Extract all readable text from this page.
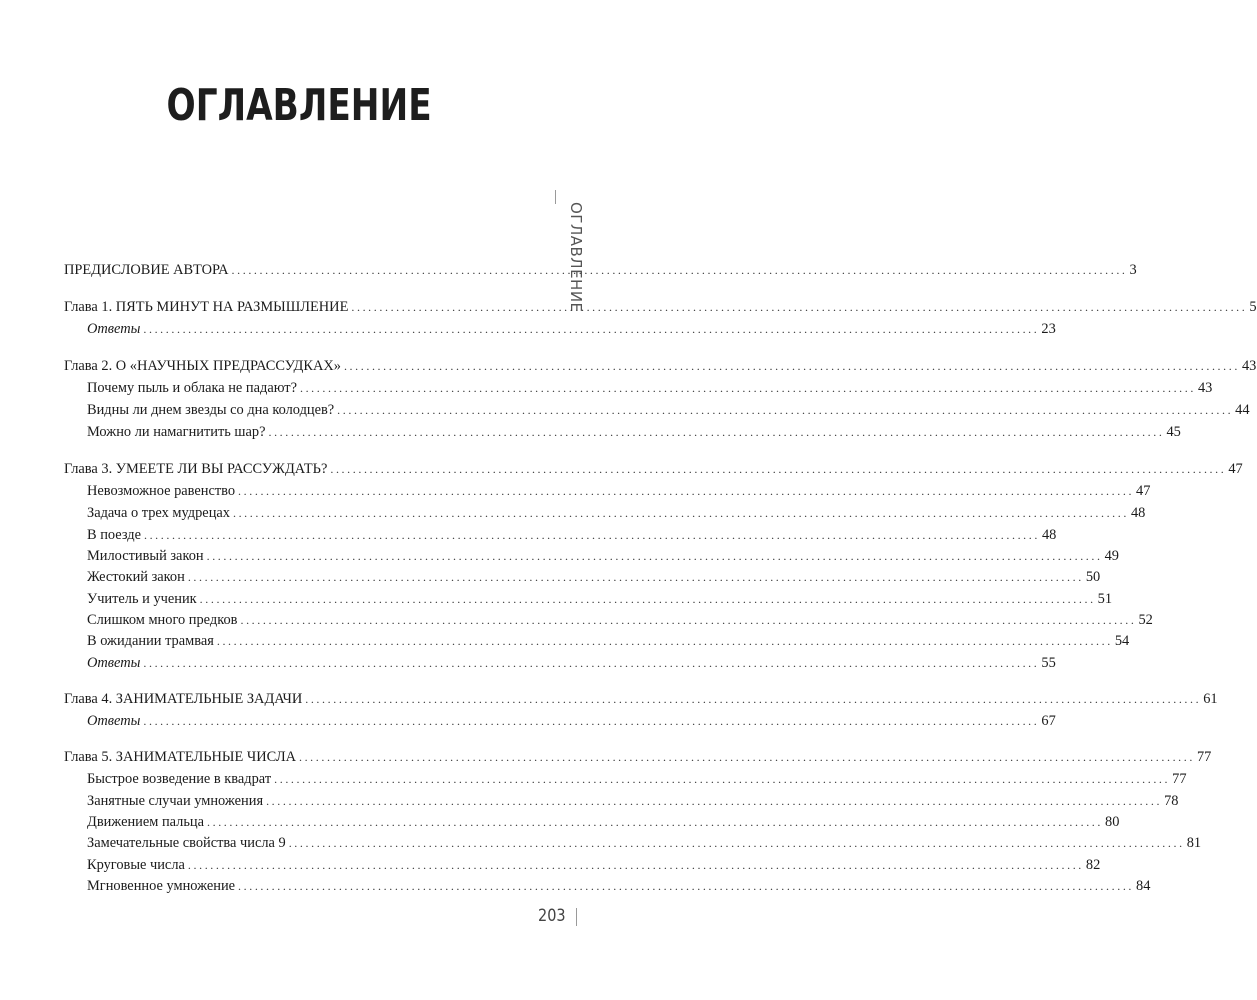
ОГЛАВЛЕНИЕ
ОГЛАВЛЕНИЕ
ПРЕДИСЛОВИЕ АВТОРА ................................................................................................................................................................ 3
Глава 1. ПЯТЬ МИНУТ НА РАЗМЫШЛЕНИЕ ................................................................................................................................................................ 5
Ответы ................................................................................................................................................................ 23
Глава 2. О «НАУЧНЫХ ПРЕДРАССУДКАХ» ................................................................................................................................................................ 43
Почему пыль и облака не падают? ................................................................................................................................................................ 43
Видны ли днем звезды со дна колодцев? ................................................................................................................................................................ 44
Можно ли намагнитить шар? ................................................................................................................................................................ 45
Глава 3. УМЕЕТЕ ЛИ ВЫ РАССУЖДАТЬ? ................................................................................................................................................................ 47
Невозможное равенство ................................................................................................................................................................ 47
Задача о трех мудрецах ................................................................................................................................................................ 48
В поезде ................................................................................................................................................................ 48
Милостивый закон ................................................................................................................................................................ 49
Жестокий закон ................................................................................................................................................................ 50
Учитель и ученик ................................................................................................................................................................ 51
Слишком много предков ................................................................................................................................................................ 52
В ожидании трамвая ................................................................................................................................................................ 54
Ответы ................................................................................................................................................................ 55
Глава 4. ЗАНИМАТЕЛЬНЫЕ ЗАДАЧИ ................................................................................................................................................................ 61
Ответы ................................................................................................................................................................ 67
Глава 5. ЗАНИМАТЕЛЬНЫЕ ЧИСЛА ................................................................................................................................................................ 77
Быстрое возведение в квадрат ................................................................................................................................................................ 77
Занятные случаи умножения ................................................................................................................................................................ 78
Движением пальца ................................................................................................................................................................ 80
Замечательные свойства числа 9 ................................................................................................................................................................ 81
Круговые числа ................................................................................................................................................................ 82
Мгновенное умножение ................................................................................................................................................................ 84
203
